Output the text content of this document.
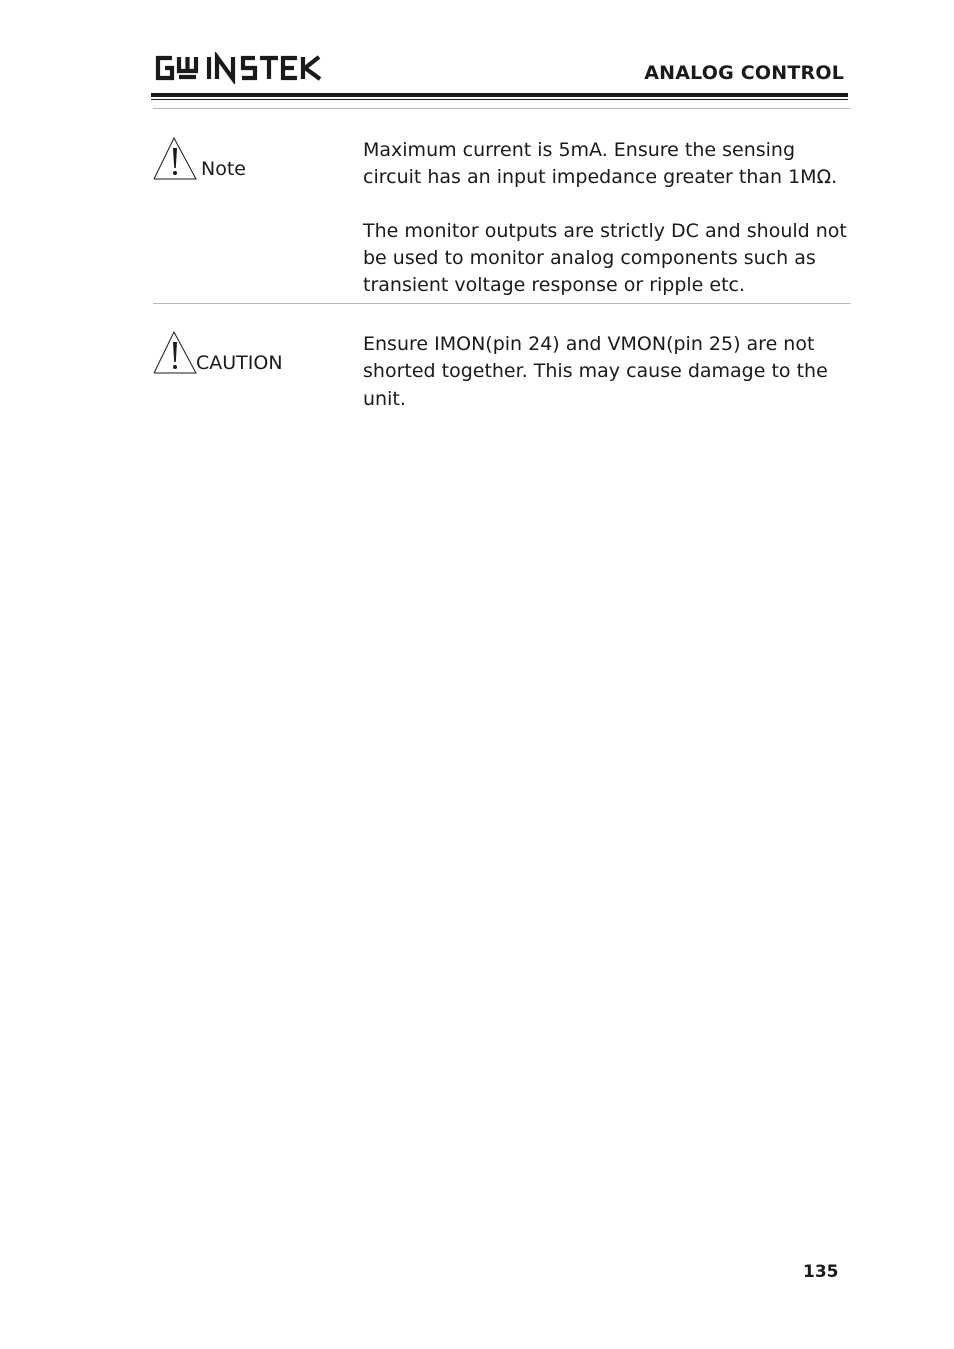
ANALOG CONTROL
Note

Maximum current is 5mA. Ensure the sensing circuit has an input impedance greater than 1MΩ.

The monitor outputs are strictly DC and should not be used to monitor analog components such as transient voltage response or ripple etc.

CAUTION

Ensure IMON(pin 24) and VMON(pin 25) are not shorted together. This may cause damage to the unit.

135
